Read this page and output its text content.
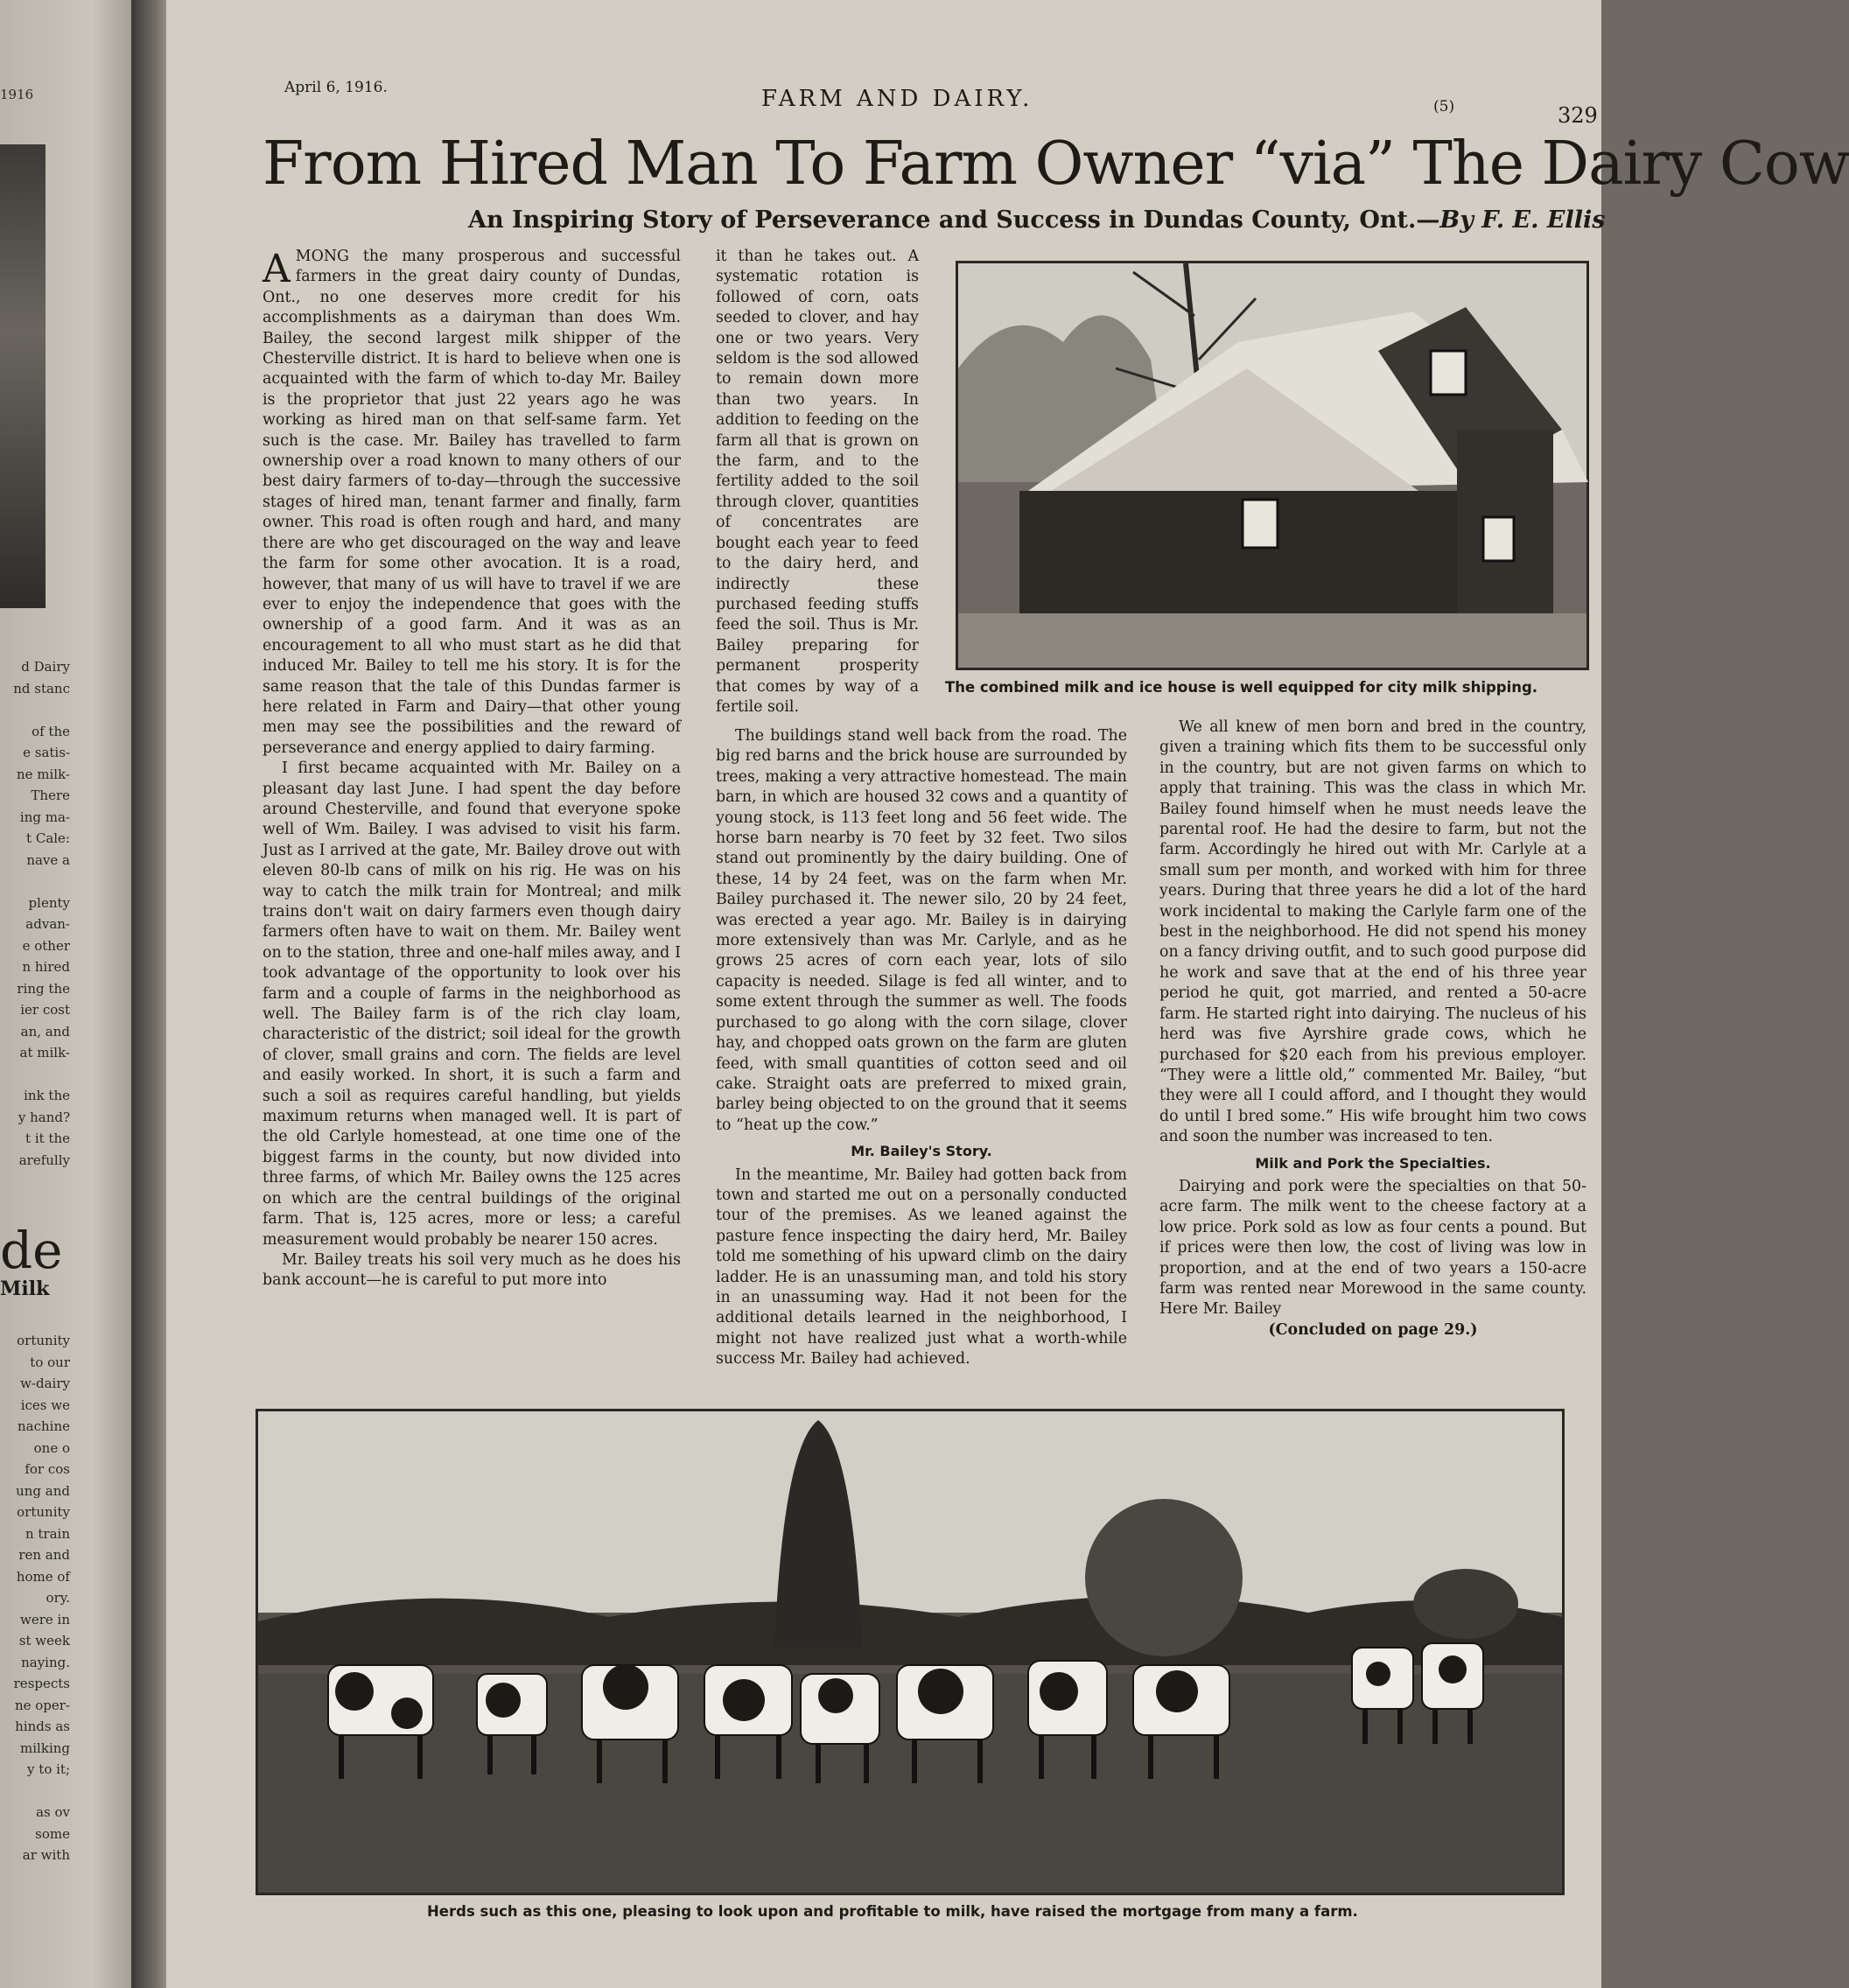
1916
d Dairy
nd stanc
of the
e satis-
ne milk-
There
ing ma-
t Cale:
nave a
plenty
advan-
e other
n hired
ring the
ier cost
an, and
at milk-
ink the
y hand?
t it the
arefully
de
Milk
ortunity
to our
w-dairy
ices we
nachine
one o
for cos
ung and
ortunity
n train
ren and
home of
ory.
were in
st week
naying.
respects
ne oper-
hinds as
milking
y to it;
as ov
some
ar with
April 6, 1916.	FARM AND DAIRY.	(5)	329
From Hired Man To Farm Owner “via” The Dairy Cow
An Inspiring Story of Perseverance and Success in Dundas County, Ont.—By F. E. Ellis

AMONG the many prosperous and successful farmers in the great dairy county of Dundas, Ont., no one deserves more credit for his accomplishments as a dairyman than does Wm. Bailey, the second largest milk shipper of the Chesterville district. It is hard to believe when one is acquainted with the farm of which to-day Mr. Bailey is the proprietor that just 22 years ago he was working as hired man on that self-same farm. Yet such is the case. Mr. Bailey has travelled to farm ownership over a road known to many others of our best dairy farmers of to-day—through the successive stages of hired man, tenant farmer and finally, farm owner. This road is often rough and hard, and many there are who get discouraged on the way and leave the farm for some other avocation. It is a road, however, that many of us will have to travel if we are ever to enjoy the independence that goes with the ownership of a good farm. And it was as an encouragement to all who must start as he did that induced Mr. Bailey to tell me his story. It is for the same reason that the tale of this Dundas farmer is here related in Farm and Dairy—that other young men may see the possibilities and the reward of perseverance and energy applied to dairy farming.

I first became acquainted with Mr. Bailey on a pleasant day last June. I had spent the day before around Chesterville, and found that everyone spoke well of Wm. Bailey. I was advised to visit his farm. Just as I arrived at the gate, Mr. Bailey drove out with eleven 80-lb cans of milk on his rig. He was on his way to catch the milk train for Montreal; and milk trains don't wait on dairy farmers even though dairy farmers often have to wait on them. Mr. Bailey went on to the station, three and one-half miles away, and I took advantage of the opportunity to look over his farm and a couple of farms in the neighborhood as well. The Bailey farm is of the rich clay loam, characteristic of the district; soil ideal for the growth of clover, small grains and corn. The fields are level and easily worked. In short, it is such a farm and such a soil as requires careful handling, but yields maximum returns when managed well. It is part of the old Carlyle homestead, at one time one of the biggest farms in the county, but now divided into three farms, of which Mr. Bailey owns the 125 acres on which are the central buildings of the original farm. That is, 125 acres, more or less; a careful measurement would probably be nearer 150 acres.

Mr. Bailey treats his soil very much as he does his bank account—he is careful to put more into

it than he takes out. A systematic rotation is followed of corn, oats seeded to clover, and hay one or two years. Very seldom is the sod allowed to remain down more than two years. In addition to feeding on the farm all that is grown on the farm, and to the fertility added to the soil through clover, quantities of concentrates are bought each year to feed to the dairy herd, and indirectly these purchased feeding stuffs feed the soil. Thus is Mr. Bailey preparing for permanent prosperity that comes by way of a fertile soil.

The buildings stand well back from the road. The big red barns and the brick house are surrounded by trees, making a very attractive homestead. The main barn, in which are housed 32 cows and a quantity of young stock, is 113 feet long and 56 feet wide. The horse barn nearby is 70 feet by 32 feet. Two silos stand out prominently by the dairy building. One of these, 14 by 24 feet, was on the farm when Mr. Bailey purchased it. The newer silo, 20 by 24 feet, was erected a year ago. Mr. Bailey is in dairying more extensively than was Mr. Carlyle, and as he grows 25 acres of corn each year, lots of silo capacity is needed. Silage is fed all winter, and to some extent through the summer as well. The foods purchased to go along with the corn silage, clover hay, and chopped oats grown on the farm are gluten feed, with small quantities of cotton seed and oil cake. Straight oats are preferred to mixed grain, barley being objected to on the ground that it seems to “heat up the cow.”

Mr. Bailey's Story.

In the meantime, Mr. Bailey had gotten back from town and started me out on a personally conducted tour of the premises. As we leaned against the pasture fence inspecting the dairy herd, Mr. Bailey told me something of his upward climb on the dairy ladder. He is an unassuming man, and told his story in an unassuming way. Had it not been for the additional details learned in the neighborhood, I might not have realized just what a worth-while success Mr. Bailey had achieved.

We all knew of men born and bred in the country, given a training which fits them to be successful only in the country, but are not given farms on which to apply that training. This was the class in which Mr. Bailey found himself when he must needs leave the parental roof. He had the desire to farm, but not the farm. Accordingly he hired out with Mr. Carlyle at a small sum per month, and worked with him for three years. During that three years he did a lot of the hard work incidental to making the Carlyle farm one of the best in the neighborhood. He did not spend his money on a fancy driving outfit, and to such good purpose did he work and save that at the end of his three year period he quit, got married, and rented a 50-acre farm. He started right into dairying. The nucleus of his herd was five Ayrshire grade cows, which he purchased for $20 each from his previous employer. “They were a little old,” commented Mr. Bailey, “but they were all I could afford, and I thought they would do until I bred some.” His wife brought him two cows and soon the number was increased to ten.

Milk and Pork the Specialties.

Dairying and pork were the specialties on that 50-acre farm. The milk went to the cheese factory at a low price. Pork sold as low as four cents a pound. But if prices were then low, the cost of living was low in proportion, and at the end of two years a 150-acre farm was rented near Morewood in the same county. Here Mr. Bailey

(Concluded on page 29.)
The combined milk and ice house is well equipped for city milk shipping.
Herds such as this one, pleasing to look upon and profitable to milk, have raised the mortgage from many a farm.
